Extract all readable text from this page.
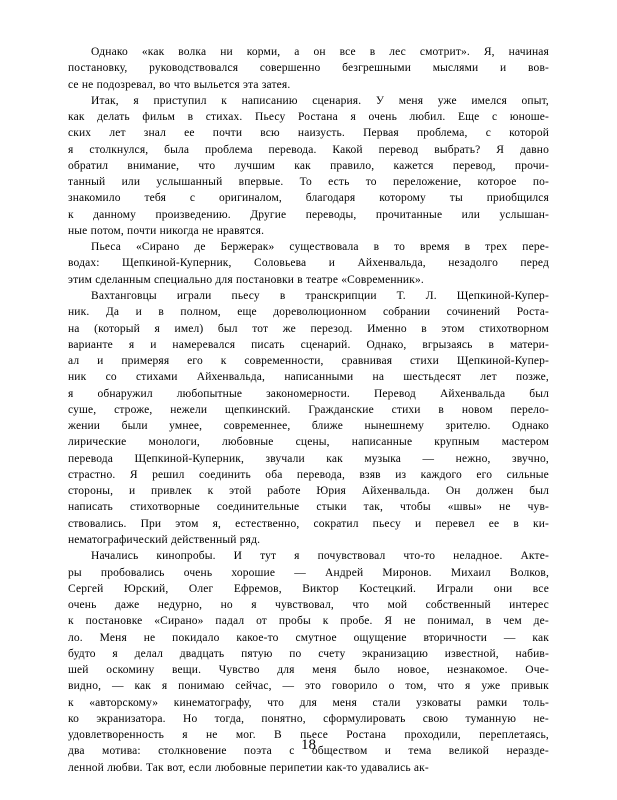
Однако «как волка ни корми, а он все в лес смотрит». Я, начиная
постановку, руководствовался совершенно безгрешными мыслями и вов-
се не подозревал, во что выльется эта затея.
Итак, я приступил к написанию сценария. У меня уже имелся опыт,
как делать фильм в стихах. Пьесу Ростана я очень любил. Еще с юноше-
ских лет знал ее почти всю наизусть. Первая проблема, с которой
я столкнулся, была проблема перевода. Какой перевод выбрать? Я давно
обратил внимание, что лучшим как правило, кажется перевод, прочи-
танный или услышанный впервые. То есть то переложение, которое по-
знакомило тебя с оригиналом, благодаря которому ты приобщился
к данному произведению. Другие переводы, прочитанные или услышан-
ные потом, почти никогда не нравятся.
Пьеса «Сирано де Бержерак» существовала в то время в трех пере-
водах: Щепкиной-Куперник, Соловьева и Айхенвальда, незадолго перед
этим сделанным специально для постановки в театре «Современник».
Вахтанговцы играли пьесу в транскрипции Т. Л. Щепкиной-Купер-
ник. Да и в полном, еще дореволюционном собрании сочинений Роста-
на (который я имел) был тот же перезод. Именно в этом стихотворном
варианте я и намеревался писать сценарий. Однако, вгрызаясь в матери-
ал и примеряя его к современности, сравнивая стихи Щепкиной-Купер-
ник со стихами Айхенвальда, написанными на шестьдесят лет позже,
я обнаружил любопытные закономерности. Перевод Айхенвальда был
суше, строже, нежели щепкинский. Гражданские стихи в новом перело-
жении были умнее, современнее, ближе нынешнему зрителю. Однако
лирические монологи, любовные сцены, написанные крупным мастером
перевода Щепкиной-Куперник, звучали как музыка — нежно, звучно,
страстно. Я решил соединить оба перевода, взяв из каждого его сильные
стороны, и привлек к этой работе Юрия Айхенвальда. Он должен был
написать стихотворные соединительные стыки так, чтобы «швы» не чув-
ствовались. При этом я, естественно, сократил пьесу и перевел ее в ки-
нематографический действенный ряд.
Начались кинопробы. И тут я почувствовал что-то неладное. Акте-
ры пробовались очень хорошие — Андрей Миронов. Михаил Волков,
Сергей Юрский, Олег Ефремов, Виктор Костецкий. Играли они все
очень даже недурно, но я чувствовал, что мой собственный интерес
к постановке «Сирано» падал от пробы к пробе. Я не понимал, в чем де-
ло. Меня не покидало какое-то смутное ощущение вторичности — как
будто я делал двадцать пятую по счету экранизацию известной, набив-
шей оскомину вещи. Чувство для меня было новое, незнакомое. Оче-
видно, — как я понимаю сейчас, — это говорило о том, что я уже привык
к «авторскому» кинематографу, что для меня стали узковаты рамки толь-
ко экранизатора. Но тогда, понятно, сформулировать свою туманную не-
удовлетворенность я не мог. В пьесе Ростана проходили, переплетаясь,
два мотива: столкновение поэта с обществом и тема великой неразде-
ленной любви. Так вот, если любовные перипетии как-то удавались ак-
18
